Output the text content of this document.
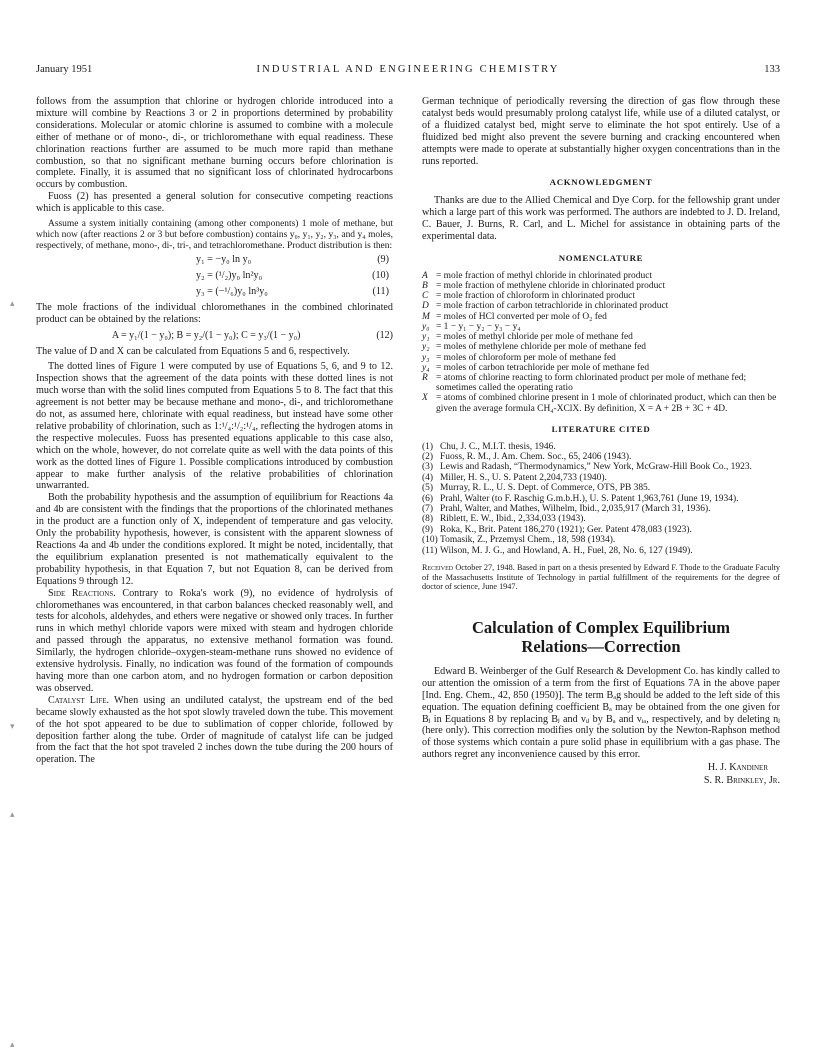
January 1951	INDUSTRIAL AND ENGINEERING CHEMISTRY	133

follows from the assumption that chlorine or hydrogen chloride introduced into a mixture will combine by Reactions 3 or 2 in proportions determined by probability considerations. Molecular or atomic chlorine is assumed to combine with a molecule either of methane or of mono-, di-, or trichloromethane with equal readiness. These chlorination reactions further are assumed to be much more rapid than methane combustion, so that no significant methane burning occurs before chlorination is complete. Finally, it is assumed that no significant loss of chlorinated hydrocarbons occurs by combustion.

Fuoss (2) has presented a general solution for consecutive competing reactions which is applicable to this case.

Assume a system initially containing (among other components) 1 mole of methane, but which now (after reactions 2 or 3 but before combustion) contains y₀, y₁, y₂, y₃, and y₄ moles, respectively, of methane, mono-, di-, tri-, and tetrachloromethane. Product distribution is then:

y₁ = −y₀ ln y₀	(9)
y₂ = (¹/₂)y₀ ln²y₀	(10)
y₃ = (−¹/₆)y₀ ln³y₀	(11)

The mole fractions of the individual chloromethanes in the combined chlorinated product can be obtained by the relations:

A = y₁/(1 − y₀); B = y₂/(1 − y₀); C = y₃/(1 − y₀)	(12)

The value of D and X can be calculated from Equations 5 and 6, respectively.

The dotted lines of Figure 1 were computed by use of Equations 5, 6, and 9 to 12. Inspection shows that the agreement of the data points with these dotted lines is not much worse than with the solid lines computed from Equations 5 to 8. The fact that this agreement is not better may be because methane and mono-, di-, and trichloromethane do not, as assumed here, chlorinate with equal readiness, but instead have some other relative probability of chlorination, such as 1:¹/₄:¹/₂:¹/₄, reflecting the hydrogen atoms in the respective molecules. Fuoss has presented equations applicable to this case also, which on the whole, however, do not correlate quite as well with the data points of this work as the dotted lines of Figure 1. Possible complications introduced by combustion appear to make further analysis of the relative probabilities of chlorination unwarranted.

Both the probability hypothesis and the assumption of equilibrium for Reactions 4a and 4b are consistent with the findings that the proportions of the chlorinated methanes in the product are a function only of X, independent of temperature and gas velocity. Only the probability hypothesis, however, is consistent with the apparent slowness of Reactions 4a and 4b under the conditions explored. It might be noted, incidentally, that the equilibrium explanation presented is not mathematically equivalent to the probability hypothesis, in that Equation 7, but not Equation 8, can be derived from Equations 9 through 12.

Side Reactions. Contrary to Roka's work (9), no evidence of hydrolysis of chloromethanes was encountered, in that carbon balances checked reasonably well, and tests for alcohols, aldehydes, and ethers were negative or showed only traces. In further runs in which methyl chloride vapors were mixed with steam and hydrogen chloride and passed through the apparatus, no extensive methanol formation was found. Similarly, the hydrogen chloride–oxygen-steam-methane runs showed no evidence of extensive hydrolysis. Finally, no indication was found of the formation of compounds having more than one carbon atom, and no hydrogen formation or carbon deposition was observed.

Catalyst Life. When using an undiluted catalyst, the upstream end of the bed became slowly exhausted as the hot spot slowly traveled down the tube. This movement of the hot spot appeared to be due to sublimation of copper chloride, followed by deposition farther along the tube. Order of magnitude of catalyst life can be judged from the fact that the hot spot traveled 2 inches down the tube during the 200 hours of operation. The

German technique of periodically reversing the direction of gas flow through these catalyst beds would presumably prolong catalyst life, while use of a diluted catalyst, or of a fluidized catalyst bed, might serve to eliminate the hot spot entirely. Use of a fluidized bed might also prevent the severe burning and cracking encountered when attempts were made to operate at substantially higher oxygen concentrations than in the runs reported.

ACKNOWLEDGMENT

Thanks are due to the Allied Chemical and Dye Corp. for the fellowship grant under which a large part of this work was performed. The authors are indebted to J. D. Ireland, C. Bauer, J. Burns, R. Carl, and L. Michel for assistance in obtaining parts of the experimental data.

NOMENCLATURE
A = mole fraction of methyl chloride in chlorinated product
B = mole fraction of methylene chloride in chlorinated product
C = mole fraction of chloroform in chlorinated product
D = mole fraction of carbon tetrachloride in chlorinated product
M = moles of HCl converted per mole of O₂ fed
y₀ = 1 − y₁ − y₂ − y₃ − y₄
y₁ = moles of methyl chloride per mole of methane fed
y₂ = moles of methylene chloride per mole of methane fed
y₃ = moles of chloroform per mole of methane fed
y₄ = moles of carbon tetrachloride per mole of methane fed
R = atoms of chlorine reacting to form chlorinated product per mole of methane fed; sometimes called the operating ratio
X = atoms of combined chlorine present in 1 mole of chlorinated product, which can then be given the average formula CH₄-XClX. By definition, X = A + 2B + 3C + 4D.
LITERATURE CITED
(1) Chu, J. C., M.I.T. thesis, 1946.
(2) Fuoss, R. M., J. Am. Chem. Soc., 65, 2406 (1943).
(3) Lewis and Radash, “Thermodynamics,” New York, McGraw-Hill Book Co., 1923.
(4) Miller, H. S., U. S. Patent 2,204,733 (1940).
(5) Murray, R. L., U. S. Dept. of Commerce, OTS, PB 385.
(6) Prahl, Walter (to F. Raschig G.m.b.H.), U. S. Patent 1,963,761 (June 19, 1934).
(7) Prahl, Walter, and Mathes, Wilhelm, Ibid., 2,035,917 (March 31, 1936).
(8) Riblett, E. W., Ibid., 2,334,033 (1943).
(9) Roka, K., Brit. Patent 186,270 (1921); Ger. Patent 478,083 (1923).
(10) Tomasik, Z., Przemysl Chem., 18, 598 (1934).
(11) Wilson, M. J. G., and Howland, A. H., Fuel, 28, No. 6, 127 (1949).
Received October 27, 1948. Based in part on a thesis presented by Edward F. Thode to the Graduate Faculty of the Massachusetts Institute of Technology in partial fulfillment of the requirements for the degree of doctor of science, June 1947.
Calculation of Complex Equilibrium
Relations—Correction

Edward B. Weinberger of the Gulf Research & Development Co. has kindly called to our attention the omission of a term from the first of Equations 7A in the above paper [Ind. Eng. Chem., 42, 850 (1950)]. The term Bₐg should be added to the left side of this equation. The equation defining coefficient Bₐ may be obtained from the one given for Bⱼ in Equations 8 by replacing Bⱼ and vᵢⱼ by Bₐ and vᵢₐ, respectively, and by deleting nⱼ (here only). This correction modifies only the solution by the Newton-Raphson method of those systems which contain a pure solid phase in equilibrium with a gas phase. The authors regret any inconvenience caused by this error.

H. J. Kandiner
S. R. Brinkley, Jr.
▴
▾
▴
▴
